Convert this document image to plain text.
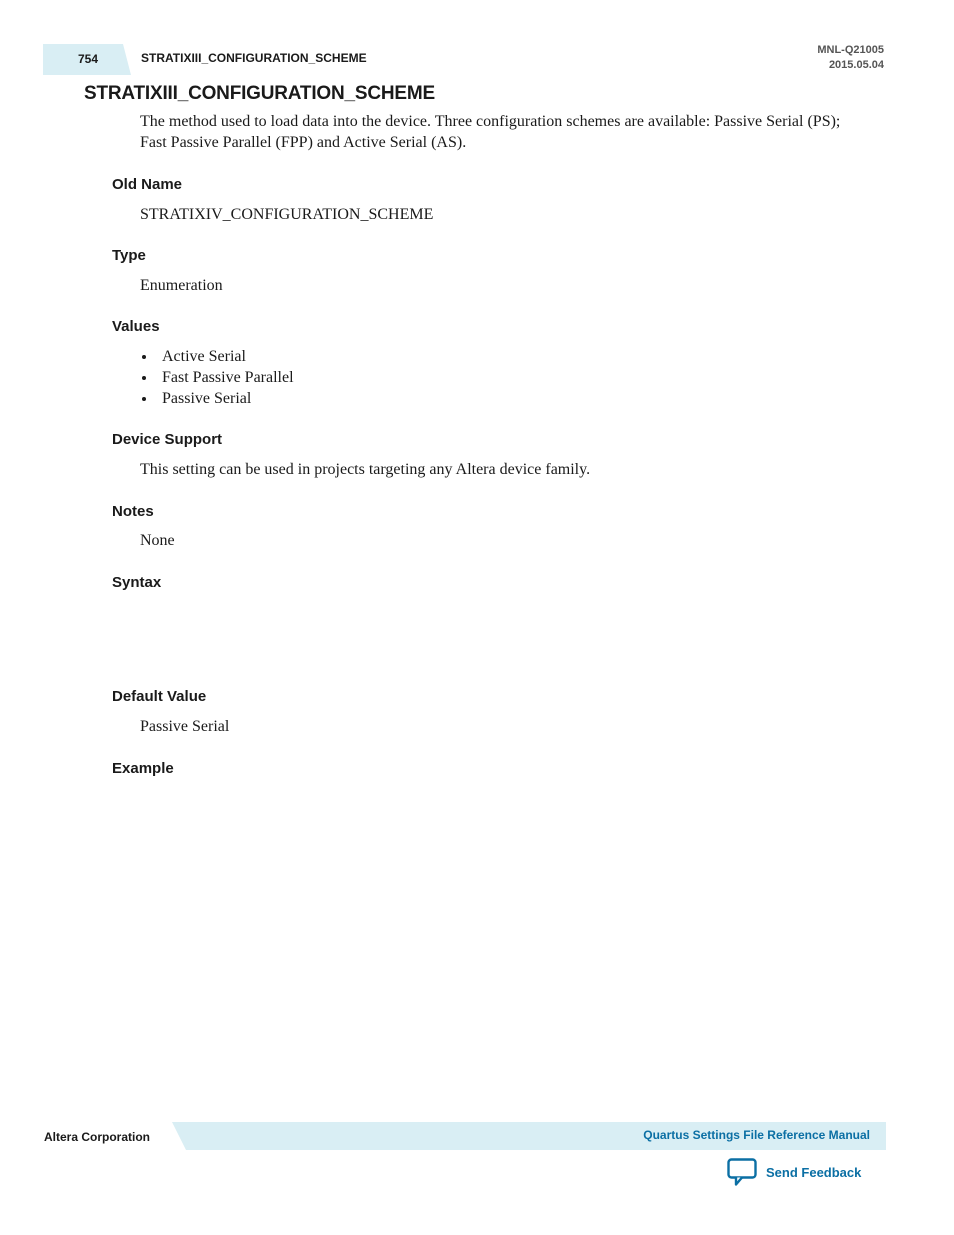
754	STRATIXIII_CONFIGURATION_SCHEME
MNL-Q21005
2015.05.04
STRATIXIII_CONFIGURATION_SCHEME

The method used to load data into the device. Three configuration schemes are available: Passive Serial (PS); Fast Passive Parallel (FPP) and Active Serial (AS).

Old Name

STRATIXIV_CONFIGURATION_SCHEME

Type

Enumeration

Values
Active Serial
Fast Passive Parallel
Passive Serial
Device Support

This setting can be used in projects targeting any Altera device family.

Notes

None

Syntax
Default Value

Passive Serial

Example
Altera Corporation	Quartus Settings File Reference Manual
Send Feedback
